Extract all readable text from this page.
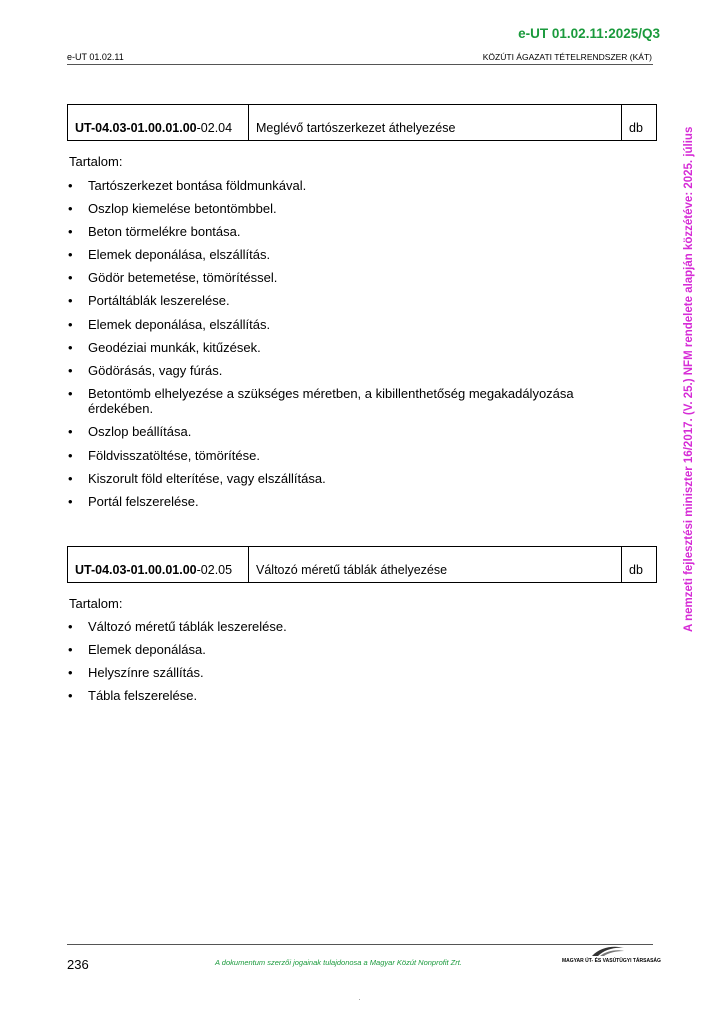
e-UT 01.02.11:2025/Q3
e-UT 01.02.11	KÖZÚTI ÁGAZATI TÉTELRENDSZER (KÁT)
UT-04.03-01.00.01.00-02.04	Meglévő tartószerkezet áthelyezése	db
Tartalom:
• Tartószerkezet bontása földmunkával.
• Oszlop kiemelése betontömbbel.
• Beton törmelékre bontása.
• Elemek deponálása, elszállítás.
• Gödör betemetése, tömörítéssel.
• Portáltáblák leszerelése.
• Elemek deponálása, elszállítás.
• Geodéziai munkák, kitűzések.
• Gödörásás, vagy fúrás.
• Betontömb elhelyezése a szükséges méretben, a kibillenthetőség megakadályozása érdekében.
• Oszlop beállítása.
• Földvisszatöltése, tömörítése.
• Kiszorult föld elterítése, vagy elszállítása.
• Portál felszerelése.
UT-04.03-01.00.01.00-02.05	Változó méretű táblák áthelyezése	db
Tartalom:
• Változó méretű táblák leszerelése.
• Elemek deponálása.
• Helyszínre szállítás.
• Tábla felszerelése.
A nemzeti fejlesztési miniszter 16/2017. (V. 25.) NFM rendelete alapján közzétéve: 2025. július
236	A dokumentum szerzői jogainak tulajdonosa a Magyar Közút Nonprofit Zrt.	MAGYAR ÚT- ÉS VASÚTÜGYI TÁRSASÁG
·
